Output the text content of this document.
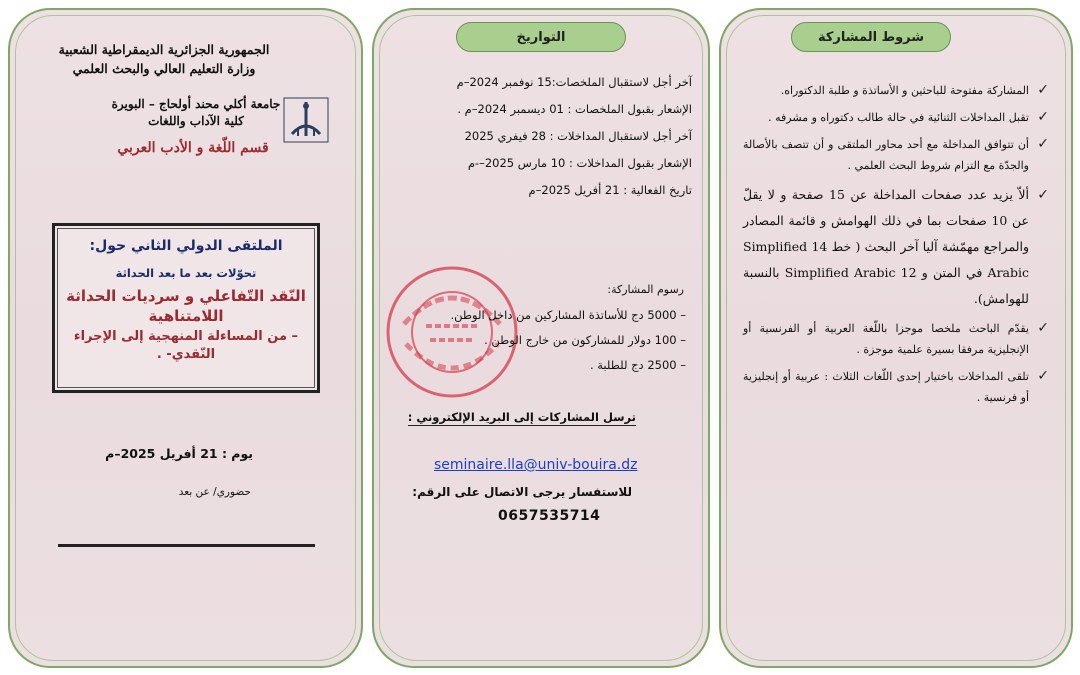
الجمهورية الجزائرية الديمقراطية الشعبية
وزارة التعليم العالي والبحث العلمي
جامعة أكلي محند أولحاج – البويرة
كلية الآداب واللغات
قسم اللّغة و الأدب العربي
الملتقى الدولي الثاني حول:
تحوّلات بعد ما بعد الحداثة
النّقد التّفاعلي و سرديات الحداثة اللامتناهية
– من المساءلة المنهجية إلى الإجراء النّقدي- .
يوم : 21 أفريل 2025–م
حضوري/ عن بعد
التواريخ
آخر أجل لاستقبال الملخصات:15 نوفمبر 2024–م
الإشعار بقبول الملخصات : 01 ديسمبر 2024–م .
آخر أجل لاستقبال المداخلات : 28 فيفري 2025
الإشعار بقبول المداخلات : 10 مارس 2025–-م
تاريخ الفعالية : 21 أفريل 2025–م
رسوم المشاركة:
– 5000 دج للأساتذة المشاركين من داخل الوطن.
– 100 دولار للمشاركون من خارج الوطن .
– 2500 دج للطلبة .
ترسل المشاركات إلى البريد الإلكتروني :
seminaire.lla@univ-bouira.dz
للاستفسار يرجى الاتصال على الرقم:
0657535714
شروط المشاركة
✓
المشاركة مفتوحة للباحثين و الأساتذة و طلبة الدكتوراه.
✓
تقبل المداخلات الثنائية في حالة طالب دكتوراه و مشرفه .
✓
أن تتوافق المداخلة مع أحد محاور الملتقى و أن تتصف بالأصالة والجدّة مع التزام شروط البحث العلمي .
✓
ألاّ يزيد عدد صفحات المداخلة عن 15 صفحة و لا يقلّ عن 10 صفحات بما في ذلك الهوامش و قائمة المصادر والمراجع مهمّشة آليا آخر البحث ( خط 14 Simplified Arabic في المتن و 12 Simplified Arabic بالنسبة للهوامش).
✓
يقدّم الباحث ملخصا موجزا باللّغة العربية أو الفرنسية أو الإنجليزية مرفقا بسيرة علمية موجزة .
✓
تلقى المداخلات باختيار إحدى اللّغات الثلاث : عربية أو إنجليزية أو فرنسية .
